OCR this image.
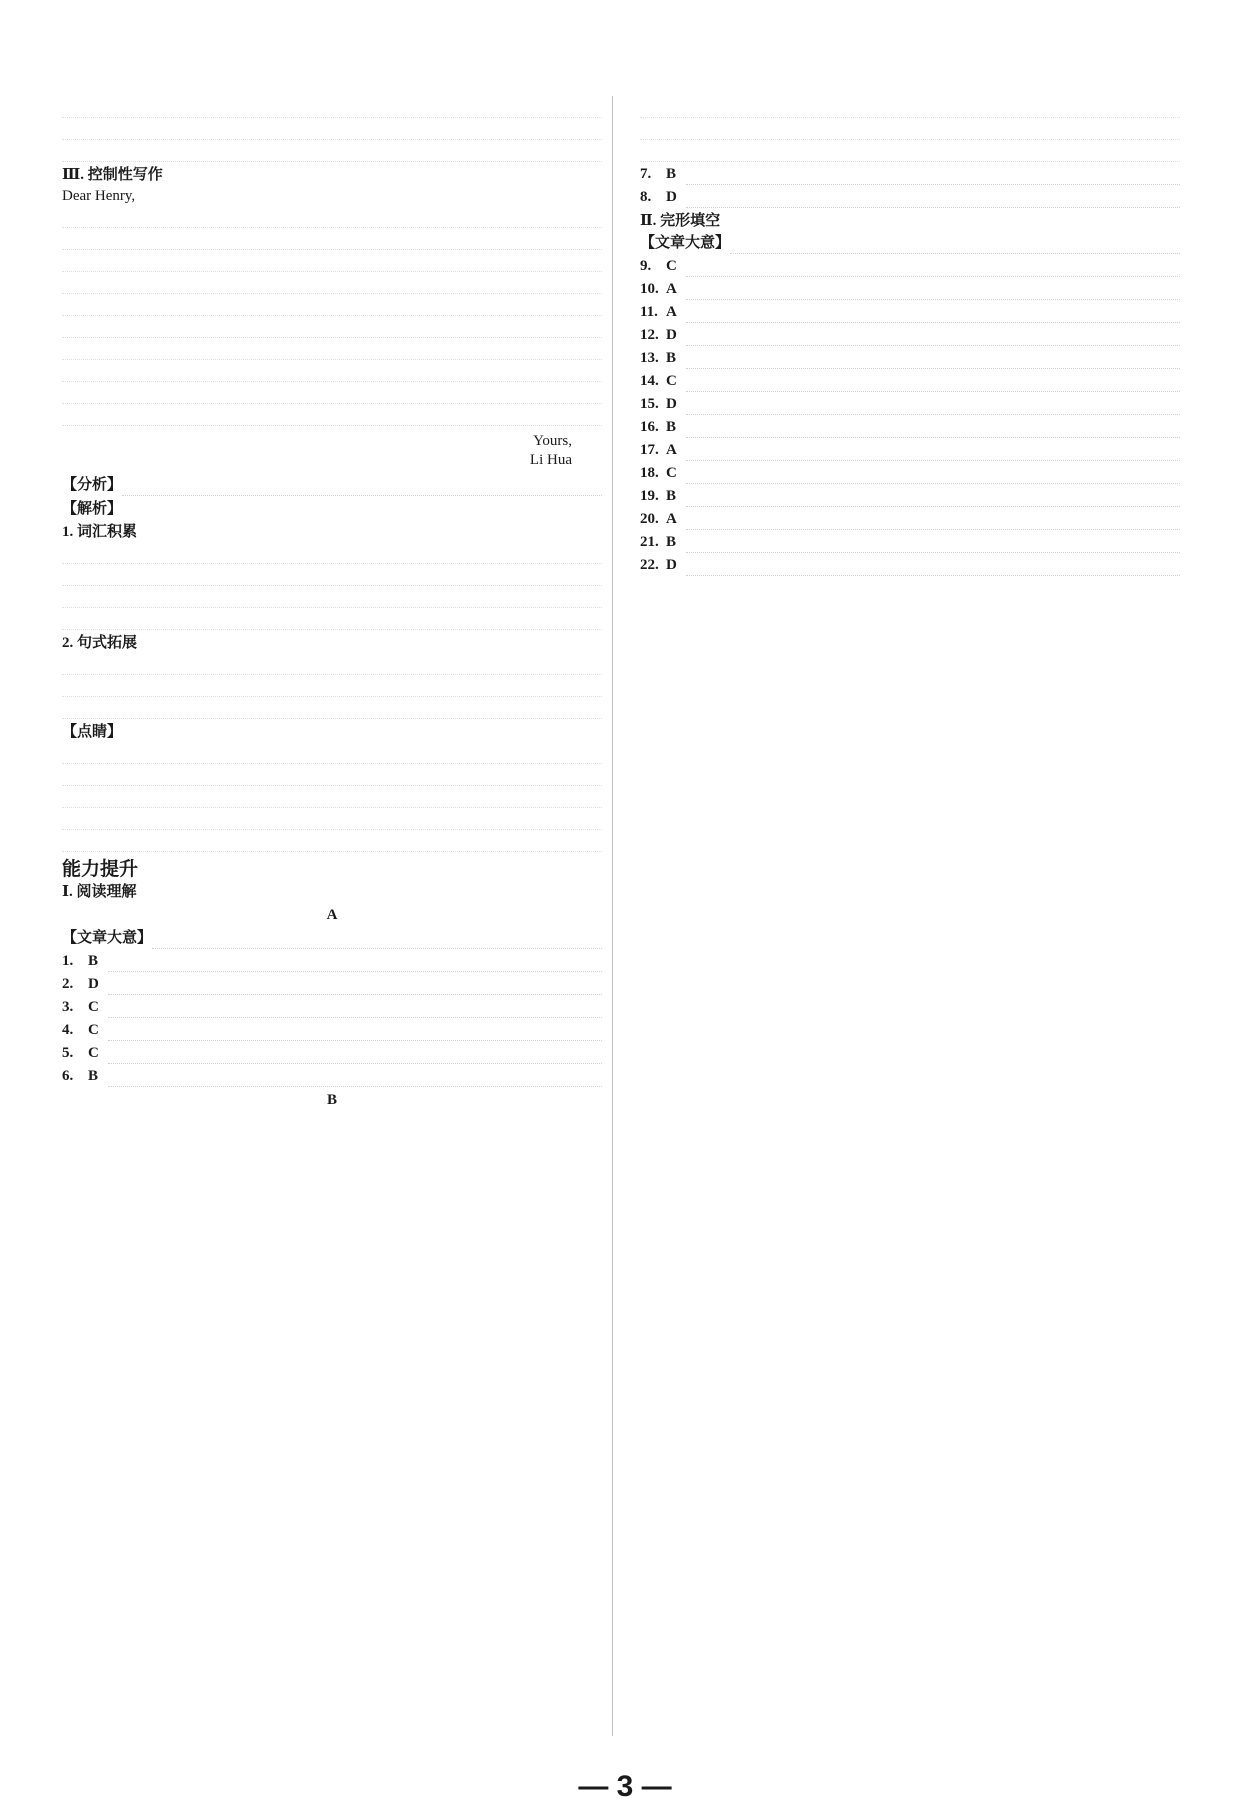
Ⅲ. 控制性写作
Dear Henry,
Yours,
Li Hua
【分析】
【解析】
1. 词汇积累
2. 句式拓展
【点睛】
能力提升
Ⅰ. 阅读理解
A
【文章大意】
1. B
2. D
3. C
4. C
5. C
6. B
B
7. B
8. D
Ⅱ. 完形填空
【文章大意】
9. C
10. A
11. A
12. D
13. B
14. C
15. D
16. B
17. A
18. C
19. B
20. A
21. B
22. D
— 3 —
